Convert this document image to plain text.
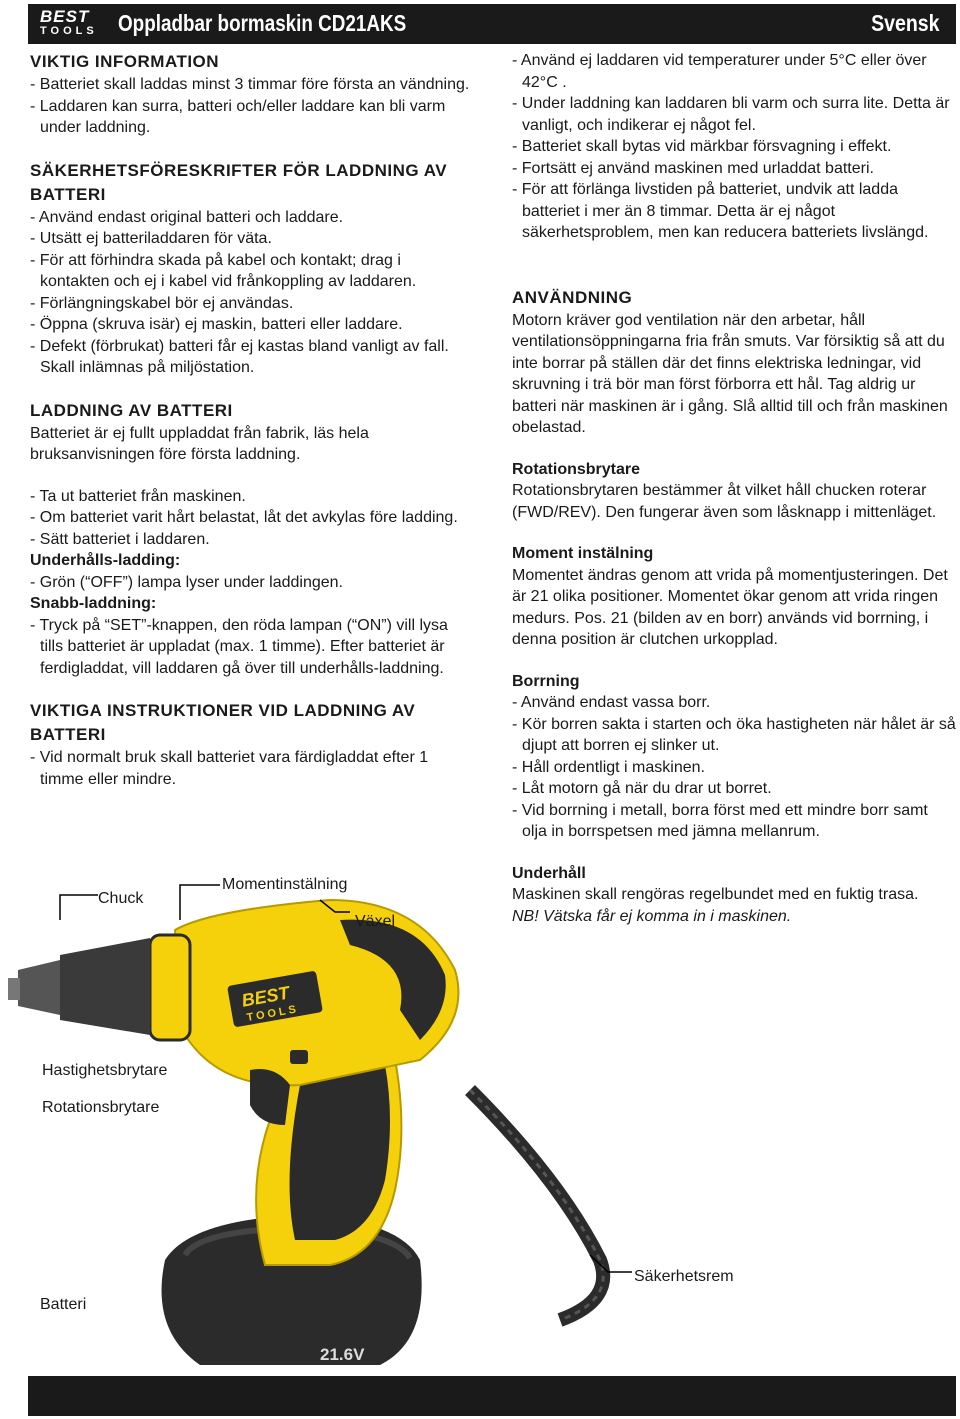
BEST
TOOLS Oppladbar bormaskin CD21AKS	Svensk

VIKTIG INFORMATION

- Batteriet skall laddas minst 3 timmar före första an vändning.

- Laddaren kan surra, batteri och/eller laddare kan bli varm under laddning.

SÄKERHETSFÖRESKRIFTER FÖR LADDNING AV BATTERI

- Använd endast original batteri och laddare.

- Utsätt ej batteriladdaren för väta.

- För att förhindra skada på kabel och kontakt; drag i kontakten och ej i kabel vid frånkoppling av laddaren.

- Förlängningskabel bör ej användas.

- Öppna (skruva isär) ej maskin, batteri eller laddare.

- Defekt (förbrukat) batteri får ej kastas bland vanligt av fall. Skall inlämnas på miljöstation.

LADDNING AV BATTERI

Batteriet är ej fullt uppladdat från fabrik, läs hela bruksanvisningen före första laddning.

- Ta ut batteriet från maskinen.

- Om batteriet varit hårt belastat, låt det avkylas före ladding.

- Sätt batteriet i laddaren.

Underhålls-ladding:

- Grön (“OFF”) lampa lyser under laddingen.

Snabb-laddning:

- Tryck på “SET”-knappen, den röda lampan (“ON”) vill lysa tills batteriet är uppladat (max. 1 timme). Efter batteriet är ferdigladdat, vill laddaren gå över till underhålls-laddning.

VIKTIGA INSTRUKTIONER VID LADDNING AV BATTERI

- Vid normalt bruk skall batteriet vara färdigladdat efter 1 timme eller mindre.

- Använd ej laddaren vid temperaturer under 5°C eller över 42°C .

- Under laddning kan laddaren bli varm och surra lite. Detta är vanligt, och indikerar ej något fel.

- Batteriet skall bytas vid märkbar försvagning i effekt.

- Fortsätt ej använd maskinen med urladdat batteri.

- För att förlänga livstiden på batteriet, undvik att ladda batteriet i mer än 8 timmar. Detta är ej något säkerhetsproblem, men kan reducera batteriets livslängd.

ANVÄNDNING

Motorn kräver god ventilation när den arbetar, håll ventilationsöppningarna fria från smuts. Var försiktig så att du inte borrar på ställen där det finns elektriska ledningar, vid skruvning i trä bör man först förborra ett hål. Tag aldrig ur batteri när maskinen är i gång. Slå alltid till och från maskinen obelastad.

Rotationsbrytare

Rotationsbrytaren bestämmer åt vilket håll chucken roterar (FWD/REV). Den fungerar även som låsknapp i mittenläget.

Moment instälning

Momentet ändras genom att vrida på momentjusteringen. Det är 21 olika positioner. Momentet ökar genom att vrida ringen medurs. Pos. 21 (bilden av en borr) används vid borrning, i denna position är clutchen urkopplad.

Borrning

- Använd endast vassa borr.

- Kör borren sakta i starten och öka hastigheten när hålet är så djupt att borren ej slinker ut.

- Håll ordentligt i maskinen.

- Låt motorn gå när du drar ut borret.

- Vid borrning i metall, borra först med ett mindre borr samt olja in borrspetsen med jämna mellanrum.

Underhåll

Maskinen skall rengöras regelbundet med en fuktig trasa.

NB! Vätska får ej komma in i maskinen.

BEST
TOOLS
21.6V
Chuck
Momentinstälning
Växel
Hastighetsbrytare
Rotationsbrytare
Batteri
Säkerhetsrem
